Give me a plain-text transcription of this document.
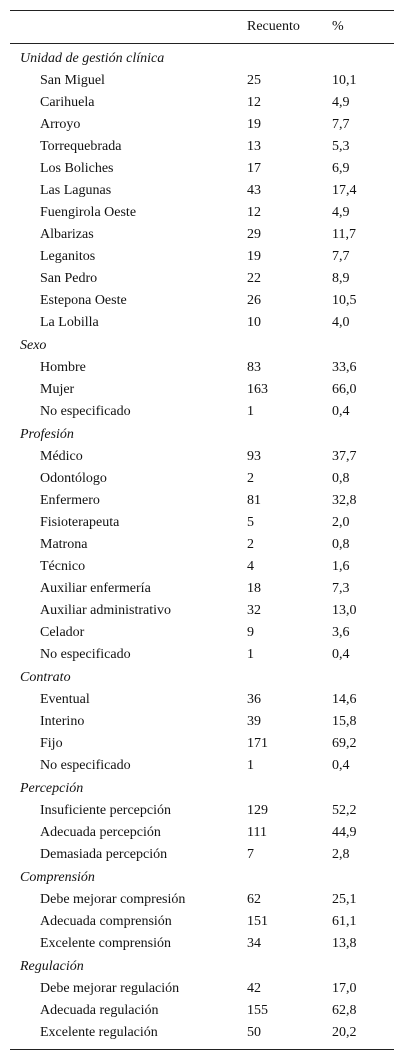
Recuento %
Unidad de gestión clínica
San Miguel	25	10,1
Carihuela	12	4,9
Arroyo	19	7,7
Torrequebrada	13	5,3
Los Boliches	17	6,9
Las Lagunas	43	17,4
Fuengirola Oeste	12	4,9
Albarizas	29	11,7
Leganitos	19	7,7
San Pedro	22	8,9
Estepona Oeste	26	10,5
La Lobilla	10	4,0
Sexo
Hombre	83	33,6
Mujer	163	66,0
No especificado	1	0,4
Profesión
Médico	93	37,7
Odontólogo	2	0,8
Enfermero	81	32,8
Fisioterapeuta	5	2,0
Matrona	2	0,8
Técnico	4	1,6
Auxiliar enfermería	18	7,3
Auxiliar administrativo	32	13,0
Celador	9	3,6
No especificado	1	0,4
Contrato
Eventual	36	14,6
Interino	39	15,8
Fijo	171	69,2
No especificado	1	0,4
Percepción
Insuficiente percepción	129	52,2
Adecuada percepción	111	44,9
Demasiada percepción	7	2,8
Comprensión
Debe mejorar compresión	62	25,1
Adecuada comprensión	151	61,1
Excelente comprensión	34	13,8
Regulación
Debe mejorar regulación	42	17,0
Adecuada regulación	155	62,8
Excelente regulación	50	20,2
